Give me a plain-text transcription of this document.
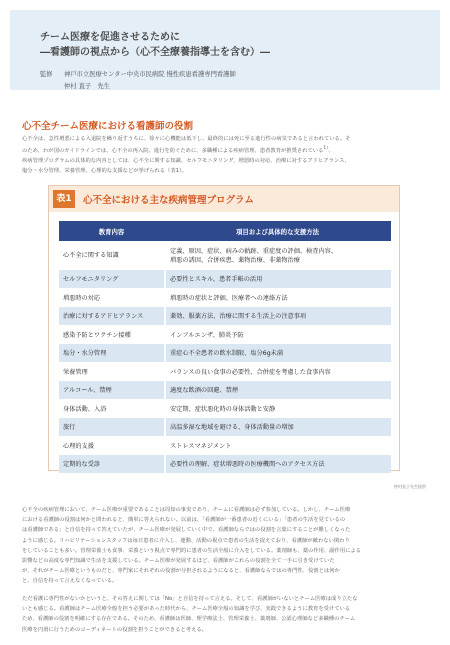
チーム医療を促進させるために
―看護師の視点から（心不全療養指導士を含む）―
監修 神戸市立医療センター中央市民病院 慢性疾患看護専門看護師
仲村 直子　先生
心不全チーム医療における看護師の役割

心不全は、急性増悪による入退院を繰り返すうちに、徐々に心機能は低下し、最終的には死に至る進行性の病気であると言われている。そ

のため、わが国のガイドラインでは、心不全の再入院、進行を防ぐために、多職種による疾病管理、患者教育が推奨されている$^{1)}$、

疾病管理プログラムの具体的な内容としては、心不全に関する知識、セルフモニタリング、増悪時の対応、治療に対するアドヒアランス、

塩分・水分管理、栄養管理、心理的な支援などが挙げられる（表1）。

表1	心不全における主な疾病管理プログラム
教育内容	項目および具体的な支援方法
心不全に関する知識	定義、原因、症状、病みの軌跡、重症度の評価、検査内容、
増悪の誘因、合併疾患、薬物治療、非薬物治療
セルフモニタリング	必要性とスキル、患者手帳の活用
増悪時の対応	増悪時の症状と評価、医療者への連絡方法
治療に対するアドヒアランス	薬効、服薬方法、治療に関する生活上の注意事項
感染予防とワクチン接種	インフルエンザ、肺炎予防
塩分・水分管理	重症心不全患者の飲水制限、塩分6g未満
栄養管理	バランスの良い食事の必要性、合併症を考慮した食事内容
アルコール、禁煙	適度な飲酒の回避、禁煙
身体活動、入浴	安定期、症状悪化時の身体活動と安静
旅行	高温多湿な地域を避ける、身体活動量の増加
心理的支援	ストレスマネジメント
定期的な受診	必要性の理解、症状増悪時の医療機関へのアクセス方法
仲村直子先生提供

心不全の疾病管理において、チーム医療が重要であることは周知の事実であり、チームに看護師は必ず参加している。しかし、チーム医療

における看護師の役割は何かと問われると、簡単に答えられない。以前は、「看護師が一番患者の近くにいる」「患者の生活を見ているの

は看護師である」と自信を持って答えていたが、チーム医療が発展していく中で、看護師ならではの役割を言葉にすることが難しくなった

ように感じる。リハビリテーションスタッフは毎日患者に介入し、運動、活動の視点で患者の生活を捉えており、看護師が敵わない関わり

をしていることも多い。管理栄養士も食事、栄養という視点で専門的に患者の生活全般に介入をしている。薬剤師も、薬の作用、副作用による

影響などの高度な専門知識で生活を支援している。チーム医療が発展するほど、看護師がこれらの役割を全て一手に引き受けていた

が、それがチーム医療というものだと、専門家にそれぞれの役割が分担されるようになると、看護師ならではの専門性、役割とは何か

と、自信を持って言えなくなっている。

ただ看護に専門性がないかというと、その答えに関しては「No」と自信を持って言える。そして、看護師がいないとチーム医療は成り立たな

いとも感じる。看護師はチーム医療全般を担う必要があった時代から、チーム医療全般の知識を学び、実践できるように教育を受けている

ため、看護師の役割を明確にする存在である。そのため、看護師は医師、理学療法士、管理栄養士、薬剤師、公認心理師など多職種のチーム

医療を円滑に行うためのコーディネートの役割を担うことができると考える。
